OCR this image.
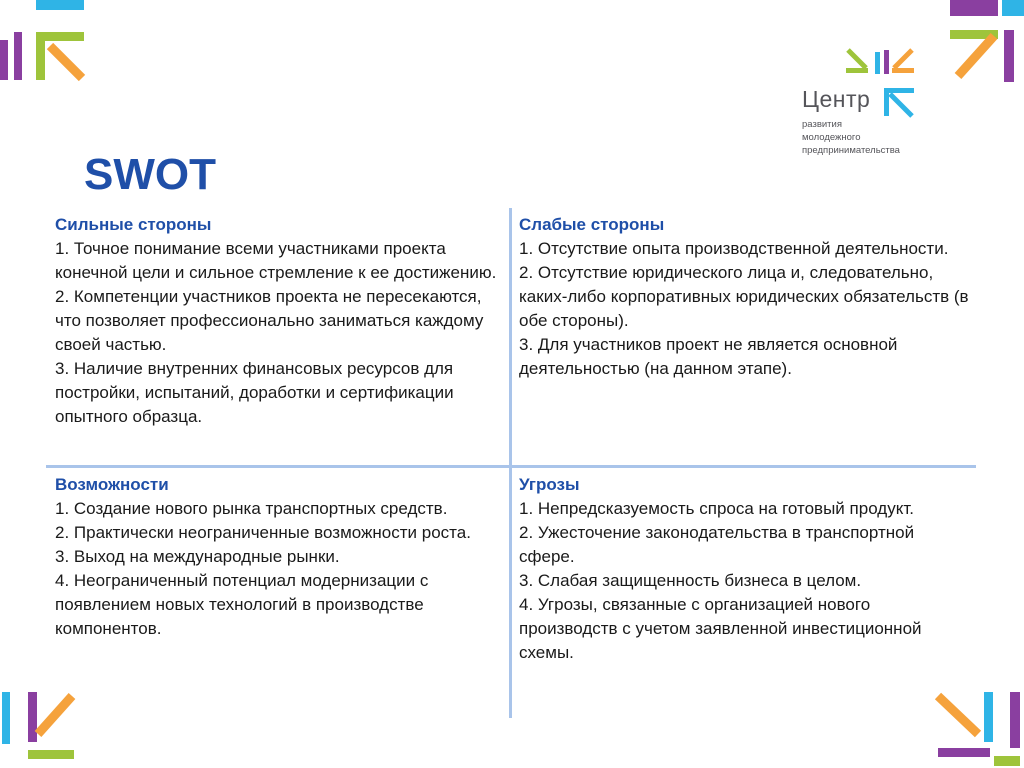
Центр
развития
молодежного
предпринимательства
SWOT
Сильные стороны

1. Точное понимание всеми участниками проекта конечной цели и сильное стремление к ее достижению.

2. Компетенции участников проекта не пересекаются, что позволяет профессионально заниматься каждому своей частью.

3. Наличие внутренних финансовых ресурсов для постройки, испытаний, доработки и сертификации опытного образца.

Слабые стороны

1. Отсутствие опыта производственной деятельности.

2. Отсутствие юридического лица и, следовательно, каких-либо корпоративных юридических обязательств (в обе стороны).

3. Для участников проект не является основной деятельностью (на данном этапе).

Возможности

1. Создание нового рынка транспортных средств.

2. Практически неограниченные возможности роста.

3. Выход на международные рынки.

4. Неограниченный потенциал модернизации с появлением новых технологий в производстве компонентов.

Угрозы

1. Непредсказуемость спроса на готовый продукт.

2. Ужесточение законодательства в транспортной сфере.

3. Слабая защищенность бизнеса в целом.

4. Угрозы, связанные с организацией нового производств с учетом заявленной инвестиционной схемы.
